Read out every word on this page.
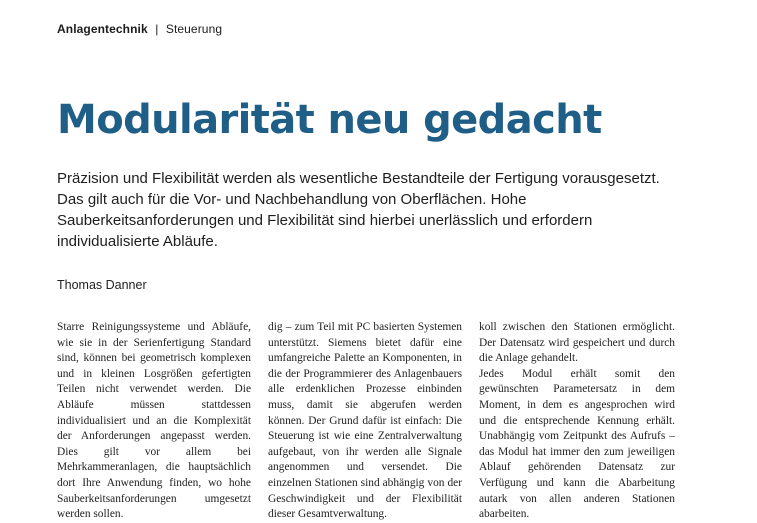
Anlagentechnik | Steuerung
Modularität neu gedacht

Präzision und Flexibilität werden als wesentliche Bestandteile der Fertigung vorausgesetzt. Das gilt auch für die Vor- und Nachbehandlung von Oberflächen. Hohe Sauberkeitsanforderungen und Flexibilität sind hierbei unerlässlich und erfordern individualisierte Abläufe.

Thomas Danner

Starre Reinigungssysteme und Abläufe, wie sie in der Serienfertigung Standard sind, können bei geometrisch komplexen und in kleinen Losgrößen gefertigten Teilen nicht verwendet werden. Die Abläufe müssen stattdessen individualisiert und an die Komplexität der Anforderungen angepasst werden. Dies gilt vor allem bei Mehrkammeranlagen, die hauptsächlich dort Ihre Anwendung finden, wo hohe Sauberkeitsanforderungen umgesetzt werden sollen.

dig – zum Teil mit PC basierten Systemen unterstützt. Siemens bietet dafür eine umfangreiche Palette an Komponenten, in die der Programmierer des Anlagenbauers alle erdenklichen Prozesse einbinden muss, damit sie abgerufen werden können. Der Grund dafür ist einfach: Die Steuerung ist wie eine Zentralverwaltung aufgebaut, von ihr werden alle Signale angenommen und versendet. Die einzelnen Stationen sind abhängig von der Geschwindigkeit und der Flexibilität dieser Gesamtverwaltung.

koll zwischen den Stationen ermöglicht. Der Datensatz wird gespeichert und durch die Anlage gehandelt.

Jedes Modul erhält somit den gewünschten Parametersatz in dem Moment, in dem es angesprochen wird und die entsprechende Kennung erhält. Unabhängig vom Zeitpunkt des Aufrufs – das Modul hat immer den zum jeweiligen Ablauf gehörenden Datensatz zur Verfügung und kann die Abarbeitung autark von allen anderen Stationen abarbeiten.
